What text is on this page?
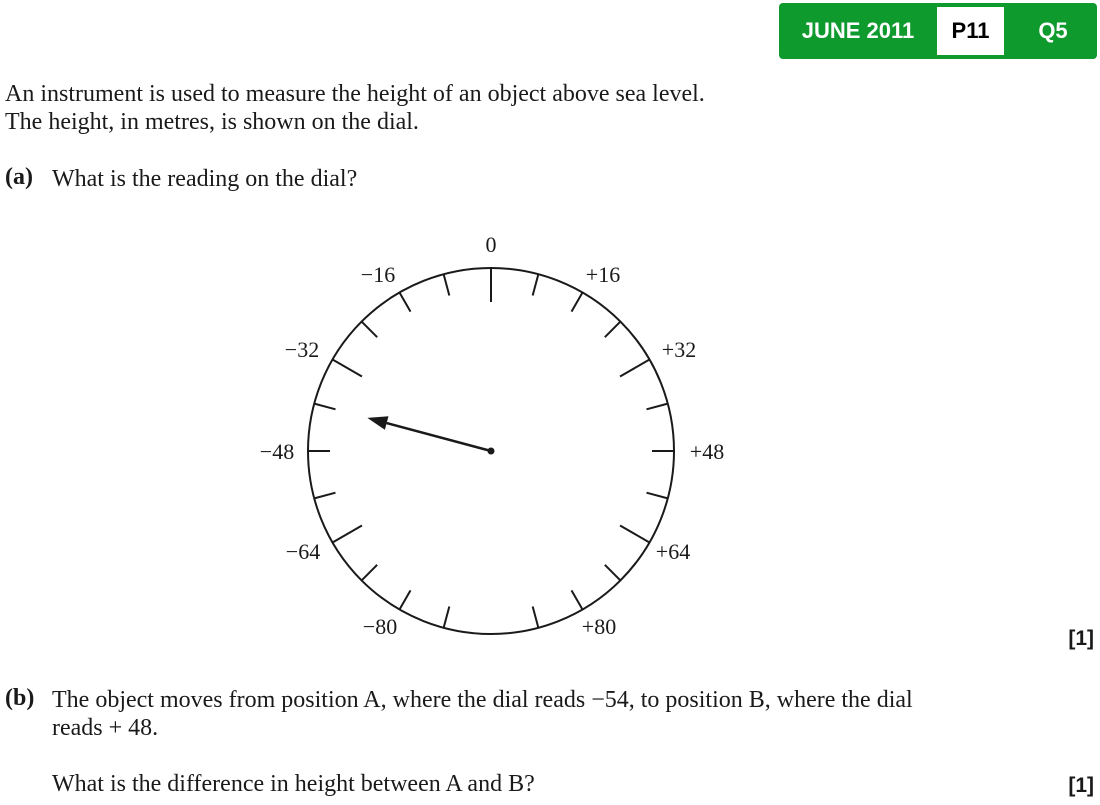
JUNE 2011	P11	Q5
An instrument is used to measure the height of an object above sea level.
The height, in metres, is shown on the dial.
(a) What is the reading on the dial?
0
+16
+32
+48
+64
+80
−80
−64
−48
−32
−16
[1]
(b) The object moves from position A, where the dial reads −54, to position B, where the dial
reads + 48.
What is the difference in height between A and B?	[1]
